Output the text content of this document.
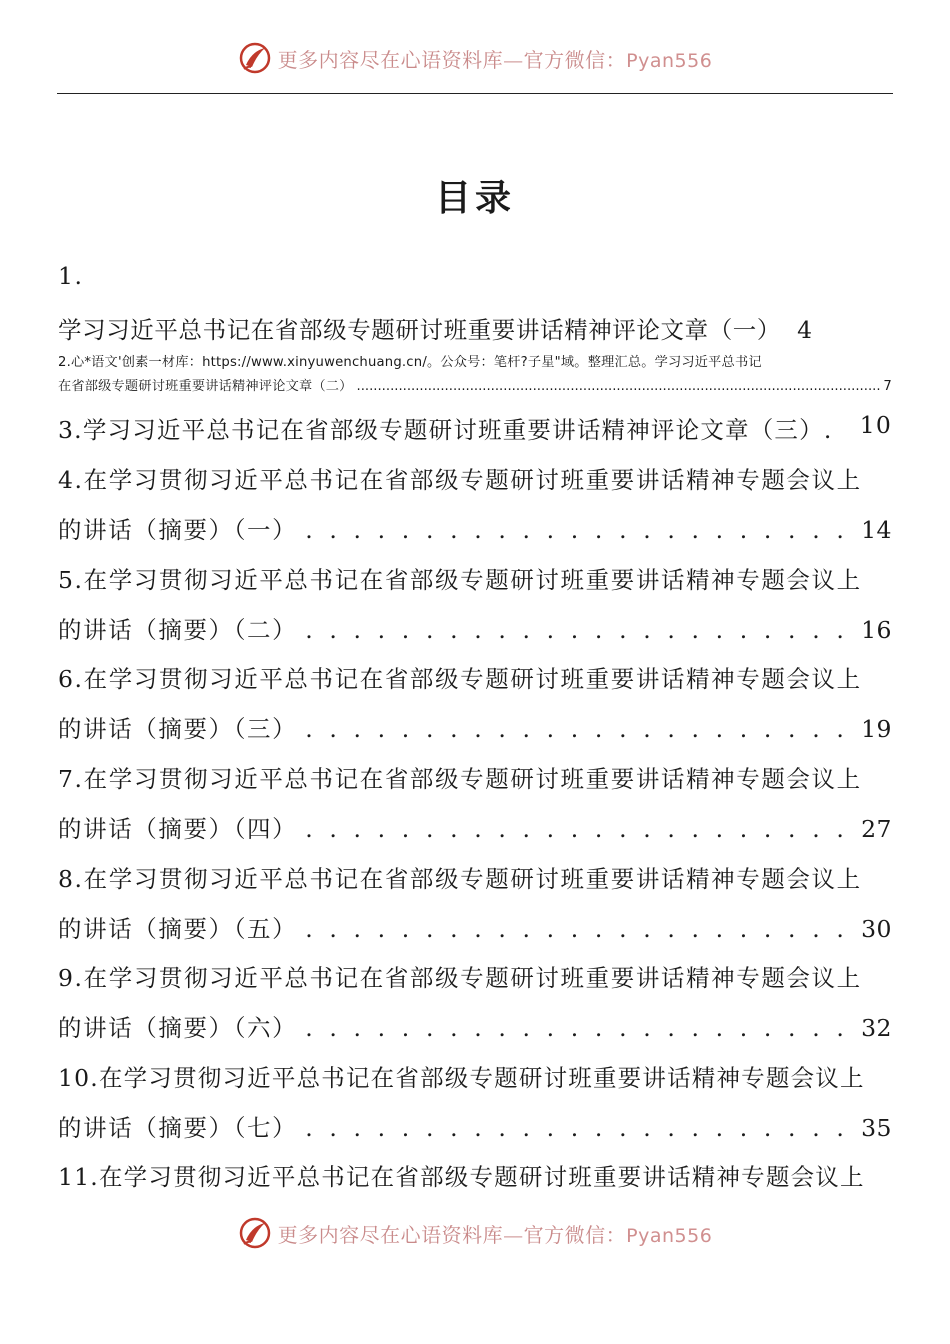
更多内容尽在心语资料库—官方微信：Pyan556
目录
1.
学习习近平总书记在省部级专题研讨班重要讲话精神评论文章（一） 4
2.心*语文'创素一材库：https://www.xinyuwenchuang.cn/。公众号：笔杆?子星"域。整理汇总。学习习近平总书记
在省部级专题研讨班重要讲话精神评论文章（二） .....	7
3.学习习近平总书记在省部级专题研讨班重要讲话精神评论文章（三）. 10
4.在学习贯彻习近平总书记在省部级专题研讨班重要讲话精神专题会议上
的讲话（摘要）（一） . . .	14
5.在学习贯彻习近平总书记在省部级专题研讨班重要讲话精神专题会议上
的讲话（摘要）（二） . . .	16
6.在学习贯彻习近平总书记在省部级专题研讨班重要讲话精神专题会议上
的讲话（摘要）（三） . . .	19
7.在学习贯彻习近平总书记在省部级专题研讨班重要讲话精神专题会议上
的讲话（摘要）（四） . . .	27
8.在学习贯彻习近平总书记在省部级专题研讨班重要讲话精神专题会议上
的讲话（摘要）（五） . . .	30
9.在学习贯彻习近平总书记在省部级专题研讨班重要讲话精神专题会议上
的讲话（摘要）（六） . . .	32
10.在学习贯彻习近平总书记在省部级专题研讨班重要讲话精神专题会议上
的讲话（摘要）（七） . . .	35
11.在学习贯彻习近平总书记在省部级专题研讨班重要讲话精神专题会议上
更多内容尽在心语资料库—官方微信：Pyan556
